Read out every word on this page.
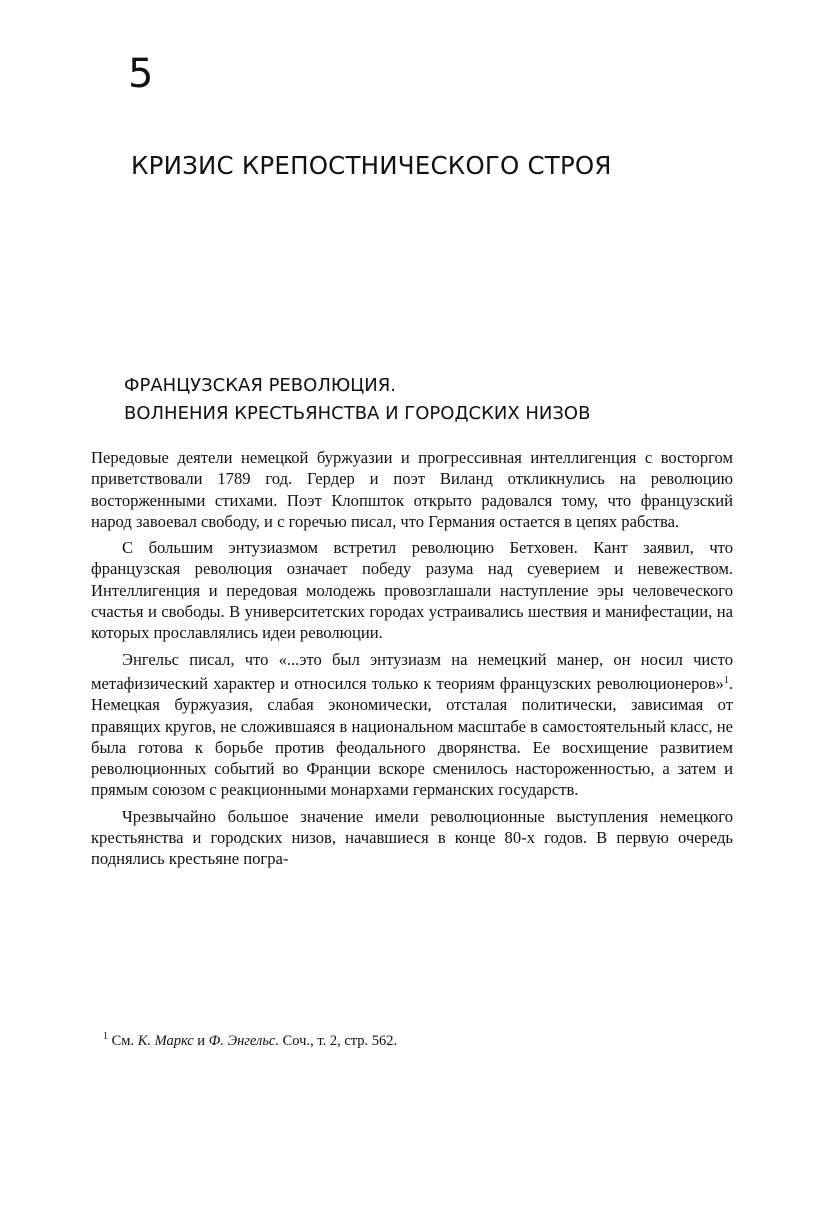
5
КРИЗИС КРЕПОСТНИЧЕСКОГО СТРОЯ
ФРАНЦУЗСКАЯ РЕВОЛЮЦИЯ.
ВОЛНЕНИЯ КРЕСТЬЯНСТВА И ГОРОДСКИХ НИЗОВ

Передовые деятели немецкой буржуазии и прогрессивная интеллигенция с восторгом приветствовали 1789 год. Гердер и поэт Виланд откликнулись на революцию восторженными стихами. Поэт Клопшток открыто радовался тому, что французский народ завоевал свободу, и с горечью писал, что Германия остается в цепях рабства.

С большим энтузиазмом встретил революцию Бетховен. Кант заявил, что французская революция означает победу разума над суеверием и невежеством. Интеллигенция и передовая молодежь провозглашали наступление эры человеческого счастья и свободы. В университетских городах устраивались шествия и манифестации, на которых прославлялись идеи революции.

Энгельс писал, что «...это был энтузиазм на немецкий манер, он носил чисто метафизический характер и относился только к теориям французских революционеров»$^1$. Немецкая буржуазия, слабая экономически, отсталая политически, зависимая от правящих кругов, не сложившаяся в национальном масштабе в самостоятельный класс, не была готова к борьбе против феодального дворянства. Ее восхищение развитием революционных событий во Франции вскоре сменилось настороженностью, а затем и прямым союзом с реакционными монархами германских государств.

Чрезвычайно большое значение имели революционные выступления немецкого крестьянства и городских низов, начавшиеся в конце 80-х годов. В первую очередь поднялись крестьяне погра-

$^1$ См. К. Маркс и Ф. Энгельс. Соч., т. 2, стр. 562.
